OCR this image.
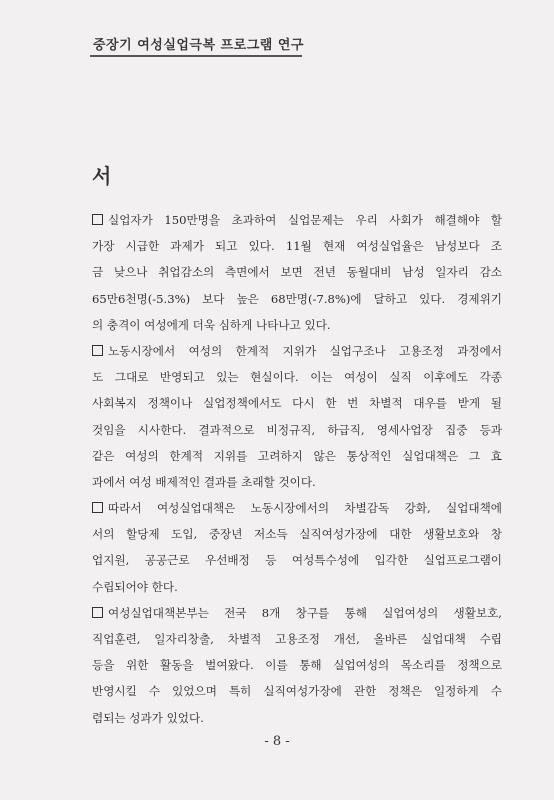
중장기 여성실업극복 프로그램 연구
서
실업자가 150만명을 초과하여 실업문제는 우리 사회가 해결해야 할
가장 시급한 과제가 되고 있다. 11월 현재 여성실업율은 남성보다 조
금 낮으나 취업감소의 측면에서 보면 전년 동월대비 남성 일자리 감소
65만6천명(-5.3%) 보다 높은 68만명(-7.8%)에 달하고 있다. 경제위기
의 충격이 여성에게 더욱 심하게 나타나고 있다.
노동시장에서 여성의 한계적 지위가 실업구조나 고용조정 과정에서
도 그대로 반영되고 있는 현실이다. 이는 여성이 실직 이후에도 각종
사회복지 정책이나 실업정책에서도 다시 한 번 차별적 대우를 받게 될
것임을 시사한다. 결과적으로 비정규직, 하급직, 영세사업장 집중 등과
같은 여성의 한계적 지위를 고려하지 않은 통상적인 실업대책은 그 효
과에서 여성 배제적인 결과를 초래할 것이다.
따라서 여성실업대책은 노동시장에서의 차별감독 강화, 실업대책에
서의 할당제 도입, 중장년 저소득 실직여성가장에 대한 생활보호와 창
업지원, 공공근로 우선배정 등 여성특수성에 입각한 실업프로그램이
수립되어야 한다.
여성실업대책본부는 전국 8개 창구를 통해 실업여성의 생활보호,
직업훈련, 일자리창출, 차별적 고용조정 개선, 올바른 실업대책 수립
등을 위한 활동을 벌여왔다. 이를 통해 실업여성의 목소리를 정책으로
반영시킬 수 있었으며 특히 실직여성가장에 관한 정책은 일정하게 수
렴되는 성과가 있었다.
- 8 -
